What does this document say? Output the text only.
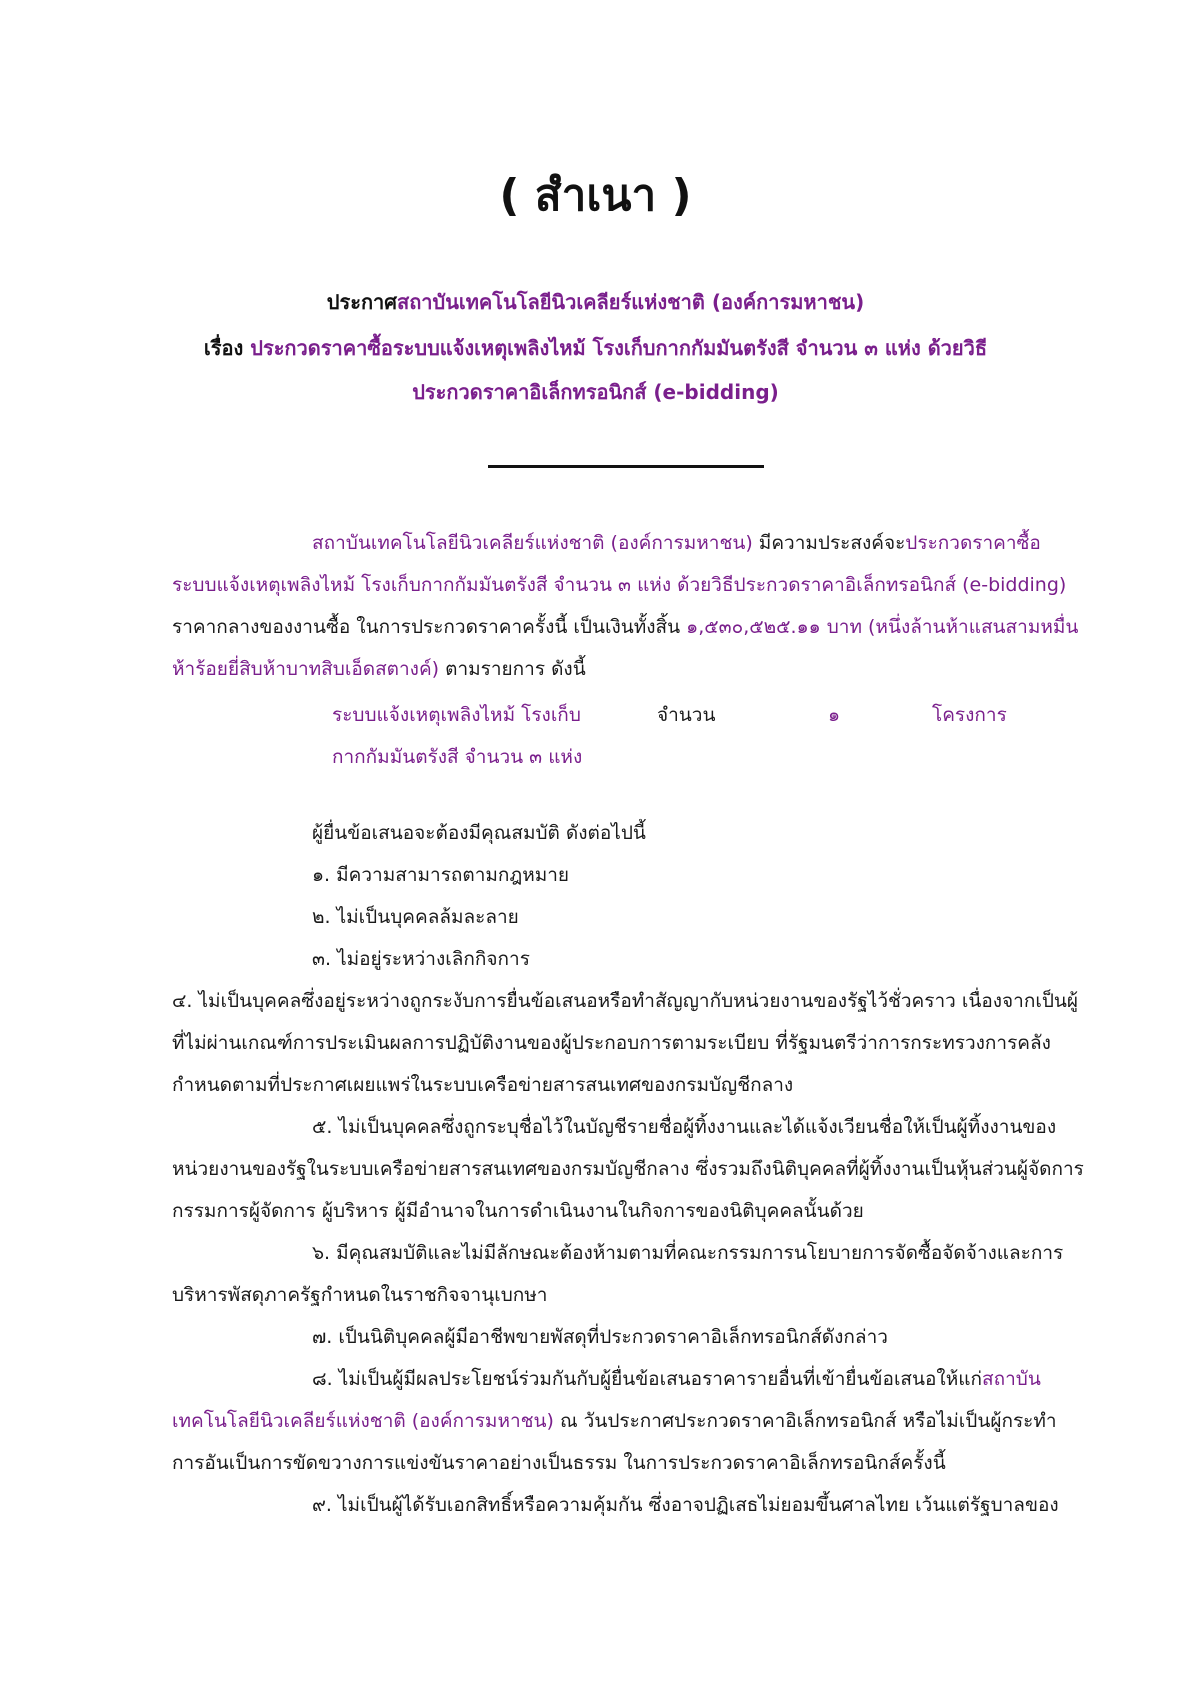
( สำเนา )
ประกาศสถาบันเทคโนโลยีนิวเคลียร์แห่งชาติ (องค์การมหาชน)
เรื่อง ประกวดราคาซื้อระบบแจ้งเหตุเพลิงไหม้ โรงเก็บกากกัมมันตรังสี จำนวน ๓ แห่ง ด้วยวิธี
ประกวดราคาอิเล็กทรอนิกส์ (e-bidding)
สถาบันเทคโนโลยีนิวเคลียร์แห่งชาติ (องค์การมหาชน) มีความประสงค์จะประกวดราคาซื้อระบบแจ้งเหตุเพลิงไหม้ โรงเก็บกากกัมมันตรังสี จำนวน ๓ แห่ง ด้วยวิธีประกวดราคาอิเล็กทรอนิกส์ (e-bidding) ราคากลางของงานซื้อ ในการประกวดราคาครั้งนี้ เป็นเงินทั้งสิ้น ๑,๕๓๐,๕๒๕.๑๑ บาท (หนึ่งล้านห้าแสนสามหมื่นห้าร้อยยี่สิบห้าบาทสิบเอ็ดสตางค์) ตามรายการ ดังนี้
ระบบแจ้งเหตุเพลิงไหม้ โรงเก็บ	จำนวน	๑	โครงการ
กากกัมมันตรังสี จำนวน ๓ แห่ง
ผู้ยื่นข้อเสนอจะต้องมีคุณสมบัติ ดังต่อไปนี้
๑. มีความสามารถตามกฎหมาย
๒. ไม่เป็นบุคคลล้มละลาย
๓. ไม่อยู่ระหว่างเลิกกิจการ
๔. ไม่เป็นบุคคลซึ่งอยู่ระหว่างถูกระงับการยื่นข้อเสนอหรือทำสัญญากับหน่วยงานของรัฐไว้ชั่วคราว เนื่องจากเป็นผู้ที่ไม่ผ่านเกณฑ์การประเมินผลการปฏิบัติงานของผู้ประกอบการตามระเบียบ ที่รัฐมนตรีว่าการกระทรวงการคลังกำหนดตามที่ประกาศเผยแพร่ในระบบเครือข่ายสารสนเทศของกรมบัญชีกลาง
๕. ไม่เป็นบุคคลซึ่งถูกระบุชื่อไว้ในบัญชีรายชื่อผู้ทิ้งงานและได้แจ้งเวียนชื่อให้เป็นผู้ทิ้งงานของหน่วยงานของรัฐในระบบเครือข่ายสารสนเทศของกรมบัญชีกลาง ซึ่งรวมถึงนิติบุคคลที่ผู้ทิ้งงานเป็นหุ้นส่วนผู้จัดการ กรรมการผู้จัดการ ผู้บริหาร ผู้มีอำนาจในการดำเนินงานในกิจการของนิติบุคคลนั้นด้วย
๖. มีคุณสมบัติและไม่มีลักษณะต้องห้ามตามที่คณะกรรมการนโยบายการจัดซื้อจัดจ้างและการบริหารพัสดุภาครัฐกำหนดในราชกิจจานุเบกษา
๗. เป็นนิติบุคคลผู้มีอาชีพขายพัสดุที่ประกวดราคาอิเล็กทรอนิกส์ดังกล่าว
๘. ไม่เป็นผู้มีผลประโยชน์ร่วมกันกับผู้ยื่นข้อเสนอราคารายอื่นที่เข้ายื่นข้อเสนอให้แก่สถาบันเทคโนโลยีนิวเคลียร์แห่งชาติ (องค์การมหาชน) ณ วันประกาศประกวดราคาอิเล็กทรอนิกส์ หรือไม่เป็นผู้กระทำการอันเป็นการขัดขวางการแข่งขันราคาอย่างเป็นธรรม ในการประกวดราคาอิเล็กทรอนิกส์ครั้งนี้
๙. ไม่เป็นผู้ได้รับเอกสิทธิ์หรือความคุ้มกัน ซึ่งอาจปฏิเสธไม่ยอมขึ้นศาลไทย เว้นแต่รัฐบาลของ
